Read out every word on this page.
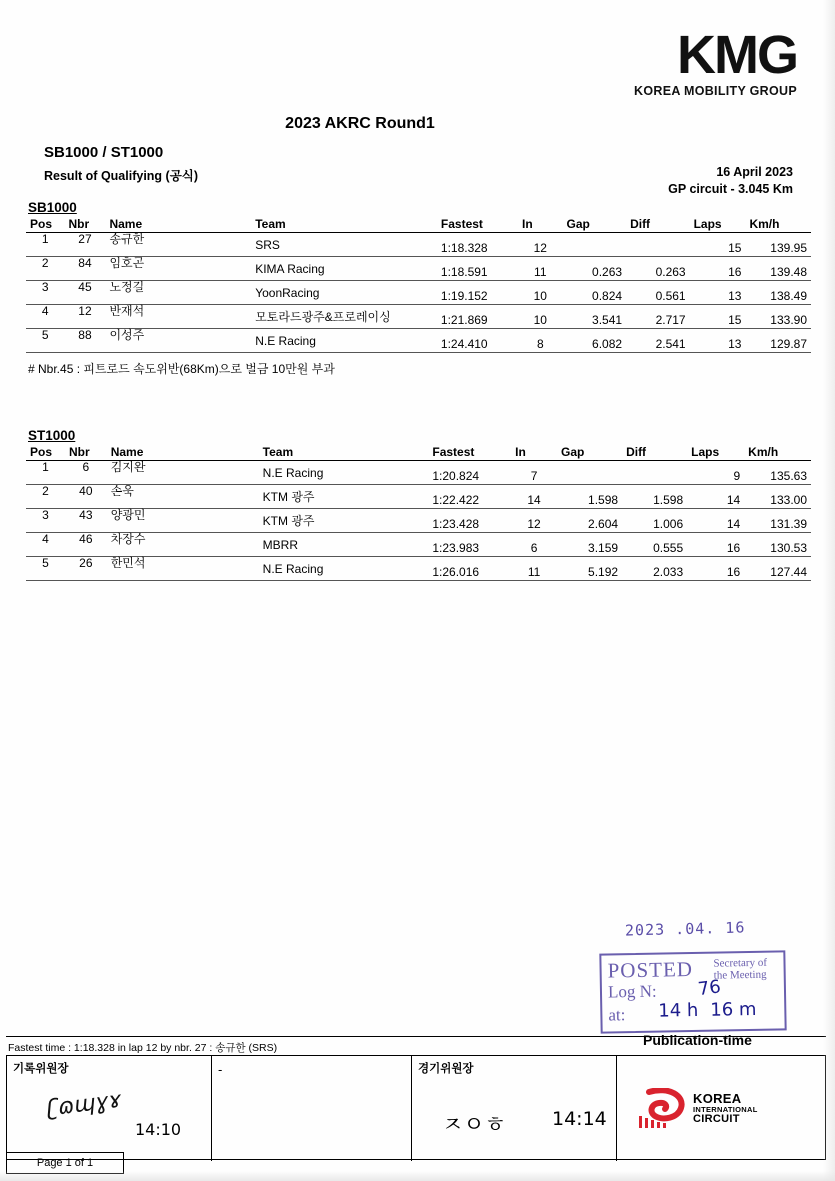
KMG
KOREA MOBILITY GROUP
2023 AKRC Round1
SB1000 / ST1000
Result of Qualifying (공식)	16 April 2023
GP circuit - 3.045 Km
SB1000
Pos	Nbr	Name	Team	Fastest	In	Gap	Diff	Laps	Km/h
1	27	송규한	SRS	1:18.328	12			15	139.95
2	84	임호곤	KIMA Racing	1:18.591	11	0.263	0.263	16	139.48
3	45	노정길	YoonRacing	1:19.152	10	0.824	0.561	13	138.49
4	12	반재석	모토라드광주&프로레이싱	1:21.869	10	3.541	2.717	15	133.90
5	88	이성주	N.E Racing	1:24.410	8	6.082	2.541	13	129.87
# Nbr.45 : 피트로드 속도위반(68Km)으로 벌금 10만원 부과
ST1000
Pos	Nbr	Name	Team	Fastest	In	Gap	Diff	Laps	Km/h
1	6	김지완	N.E Racing	1:20.824	7			9	135.63
2	40	손욱	KTM 광주	1:22.422	14	1.598	1.598	14	133.00
3	43	양광민	KTM 광주	1:23.428	12	2.604	1.006	14	131.39
4	46	차장수	MBRR	1:23.983	6	3.159	0.555	16	130.53
5	26	한민석	N.E Racing	1:26.016	11	5.192	2.033	16	127.44
2023 .04. 16
POSTED Secretary of
the Meeting
Log N: 76
at: 14 h 16 m
Fastest time : 1:18.328 in lap 12 by nbr. 27 : 송규한 (SRS)	Publication-time
기록위원장
ʗɷɰɣɤ
14:10
-	경기위원장
ㅈㅇㅎ 14:14
KOREA
INTERNATIONAL
CIRCUIT
Page 1 of 1
